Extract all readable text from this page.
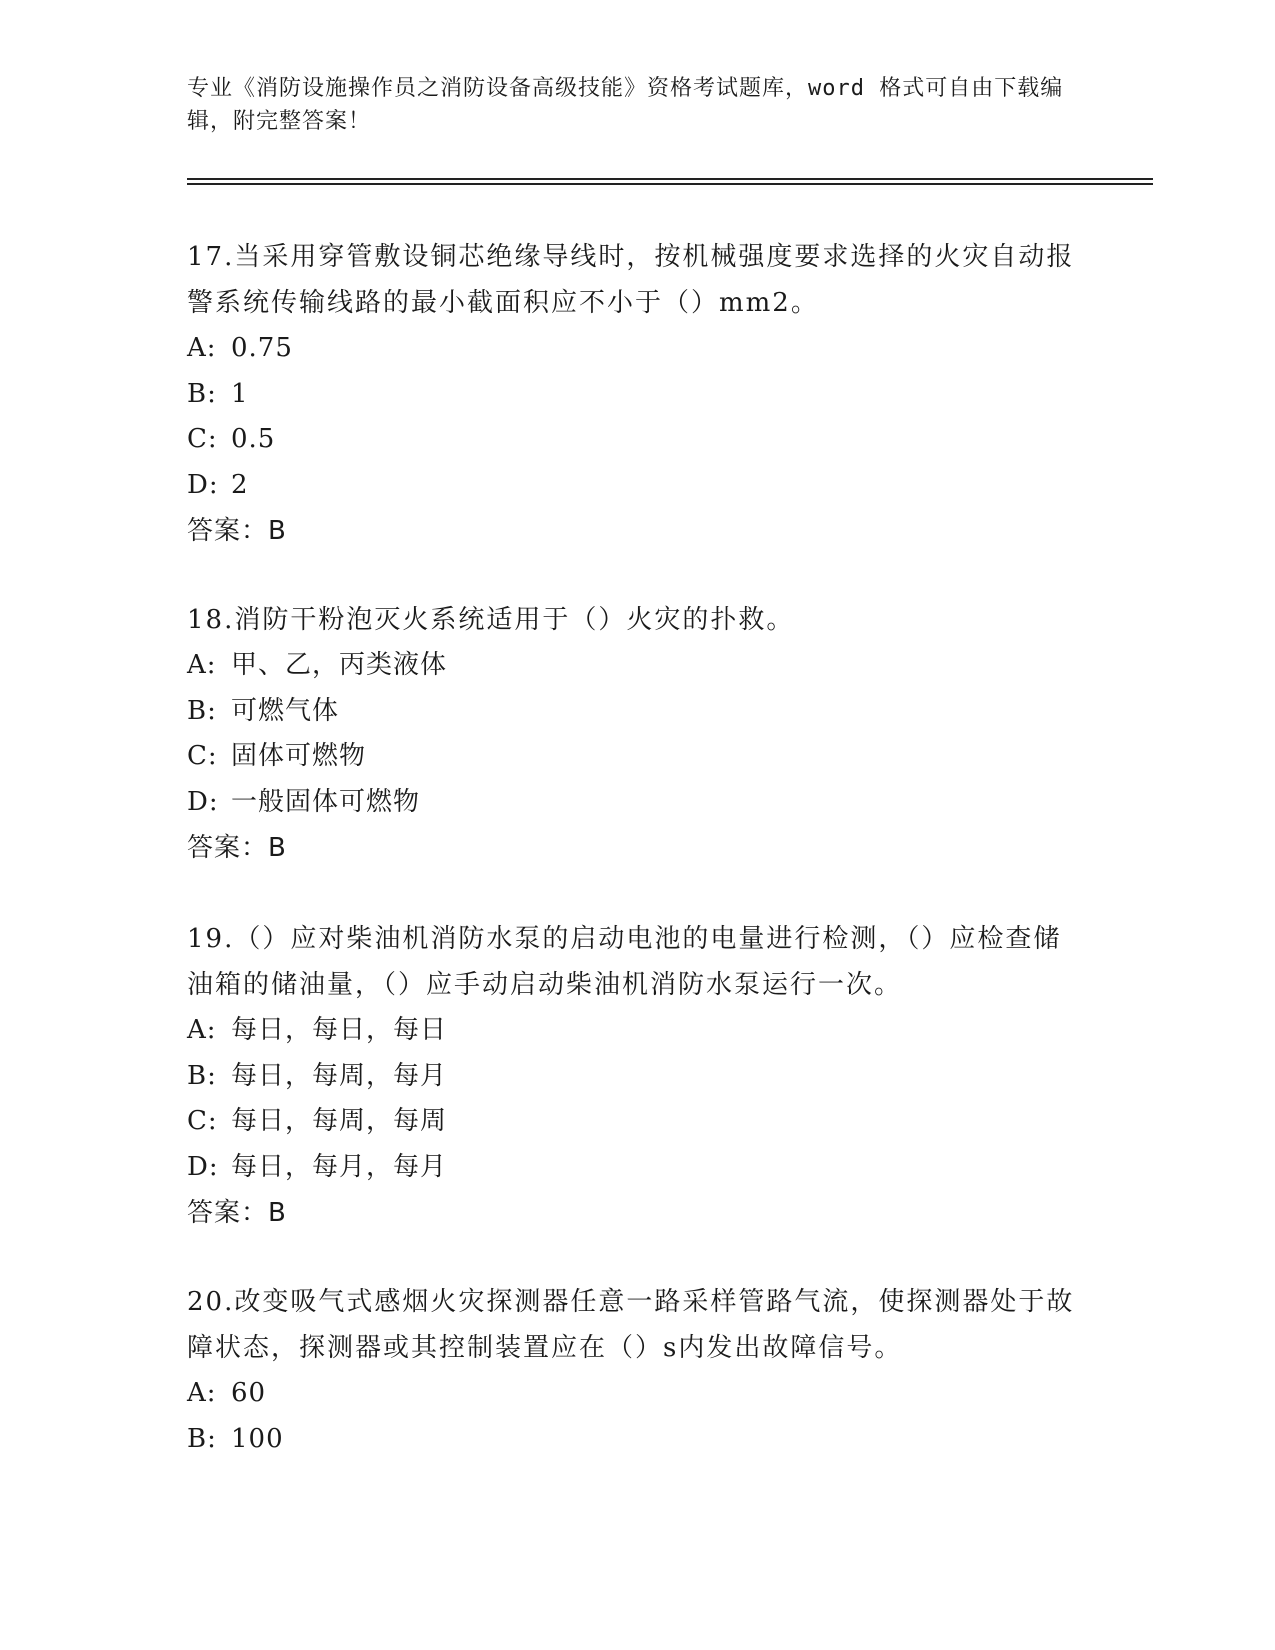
专业《消防设施操作员之消防设备高级技能》资格考试题库，word 格式可自由下载编辑，附完整答案！

17.当采用穿管敷设铜芯绝缘导线时，按机械强度要求选择的火灾自动报警系统传输线路的最小截面积应不小于（）mm2。

A: 0.75

B: 1

C: 0.5

D: 2

答案：B

18.消防干粉泡灭火系统适用于（）火灾的扑救。

A: 甲、乙，丙类液体

B: 可燃气体

C: 固体可燃物

D: 一般固体可燃物

答案：B

19.（）应对柴油机消防水泵的启动电池的电量进行检测，（）应检查储油箱的储油量，（）应手动启动柴油机消防水泵运行一次。

A: 每日，每日，每日

B: 每日，每周，每月

C: 每日，每周，每周

D: 每日，每月，每月

答案：B

20.改变吸气式感烟火灾探测器任意一路采样管路气流，使探测器处于故障状态，探测器或其控制装置应在（）s内发出故障信号。

A: 60

B: 100
